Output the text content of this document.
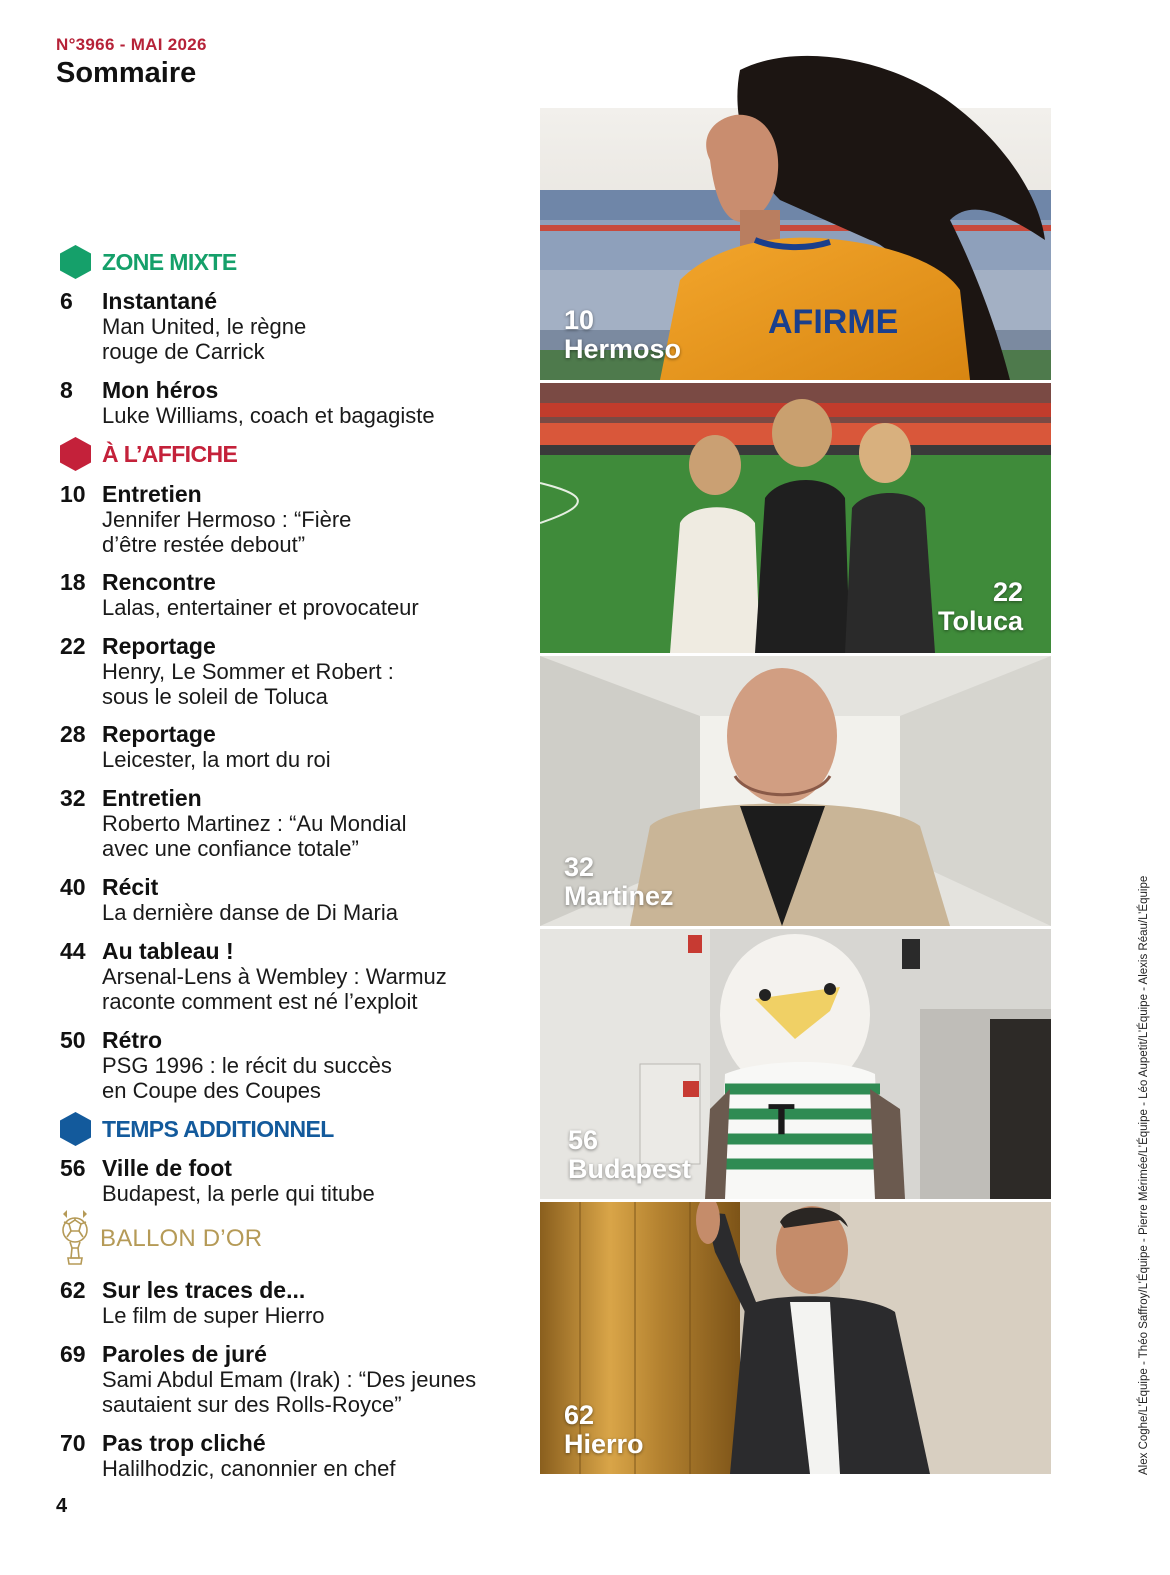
N°3966 - MAI 2026
Sommaire
ZONE MIXTE
À L’AFFICHE
TEMPS ADDITIONNEL
BALLON D’OR
6	Instantané
Man United, le règne
rouge de Carrick
8	Mon héros
Luke Williams, coach et bagagiste
10 Entretien
Jennifer Hermoso : “Fière
d’être restée debout”
18 Rencontre
Lalas, entertainer et provocateur
22 Reportage
Henry, Le Sommer et Robert :
sous le soleil de Toluca
28 Reportage
Leicester, la mort du roi
32 Entretien
Roberto Martinez : “Au Mondial
avec une confiance totale”
40 Récit
La dernière danse de Di Maria
44 Au tableau !
Arsenal-Lens à Wembley : Warmuz
raconte comment est né l’exploit
50 Rétro
PSG 1996 : le récit du succès
en Coupe des Coupes
56 Ville de foot
Budapest, la perle qui titube
62 Sur les traces de...
Le film de super Hierro
69 Paroles de juré
Sami Abdul Emam (Irak) : “Des jeunes
sautaient sur des Rolls-Royce”
70 Pas trop cliché
Halilhodzic, canonnier en chef
AFIRME
10
Hermoso
22
Toluca
32
Martinez
T
56
Budapest
62
Hierro	Alex Coghe/L’Équipe - Théo Saffroy/L’Équipe - Pierre Mérimée/L’Équipe - Léo Aupetit/L’Équipe - Alexis Réau/L’Équipe
4
